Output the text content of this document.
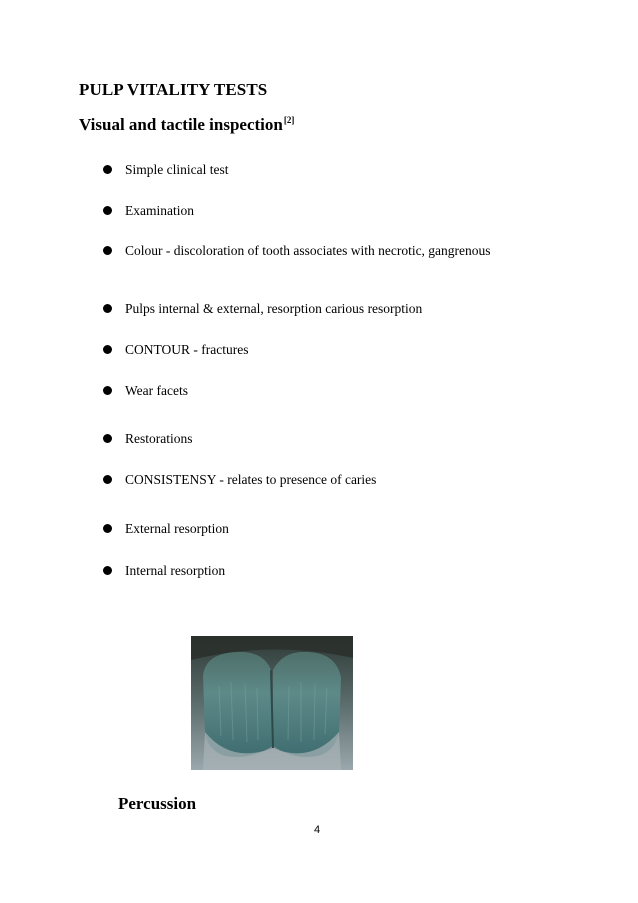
PULP VITALITY TESTS
Visual and tactile inspection[2]
Simple clinical test
Examination
Colour - discoloration of tooth associates with necrotic, gangrenous
Pulps internal & external, resorption carious resorption
CONTOUR - fractures
Wear facets
Restorations
CONSISTENSY - relates to presence of caries
External resorption
Internal resorption
Percussion
4
